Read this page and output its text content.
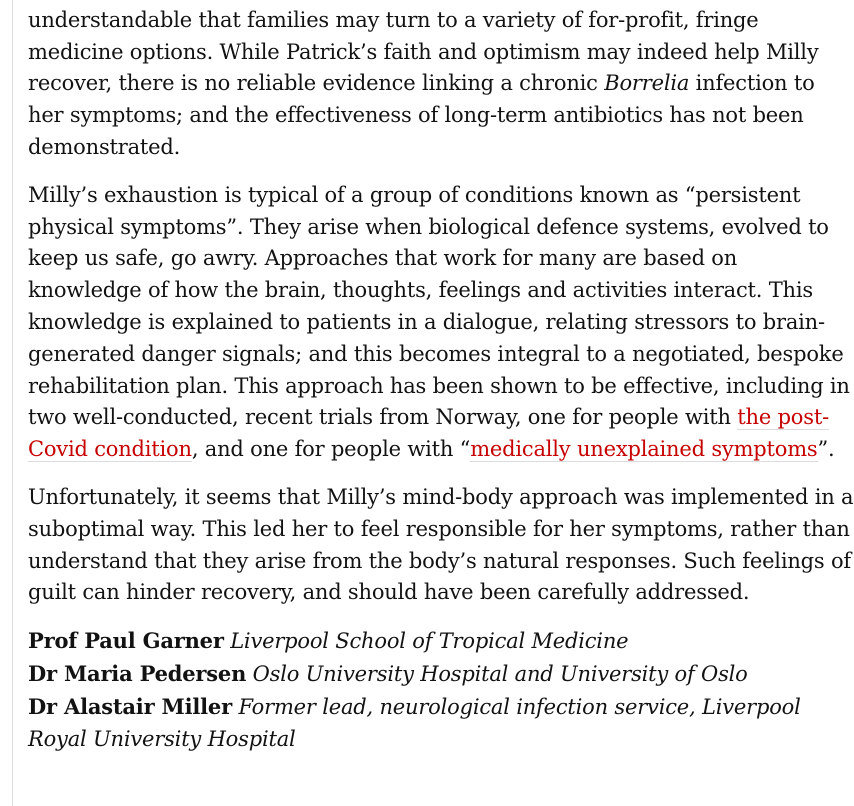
understandable that families may turn to a variety of for-profit, fringe medicine options. While Patrick’s faith and optimism may indeed help Milly recover, there is no reliable evidence linking a chronic Borrelia infection to her symptoms; and the effectiveness of long-term antibiotics has not been demonstrated.

Milly’s exhaustion is typical of a group of conditions known as “persistent physical symptoms”. They arise when biological defence systems, evolved to keep us safe, go awry. Approaches that work for many are based on knowledge of how the brain, thoughts, feelings and activities interact. This knowledge is explained to patients in a dialogue, relating stressors to brain-generated danger signals; and this becomes integral to a negotiated, bespoke rehabilitation plan. This approach has been shown to be effective, including in two well-conducted, recent trials from Norway, one for people with the post-Covid condition, and one for people with “medically unexplained symptoms”.

Unfortunately, it seems that Milly’s mind-body approach was implemented in a suboptimal way. This led her to feel responsible for her symptoms, rather than understand that they arise from the body’s natural responses. Such feelings of guilt can hinder recovery, and should have been carefully addressed.

Prof Paul Garner Liverpool School of Tropical Medicine

Dr Maria Pedersen Oslo University Hospital and University of Oslo

Dr Alastair Miller Former lead, neurological infection service, Liverpool Royal University Hospital
